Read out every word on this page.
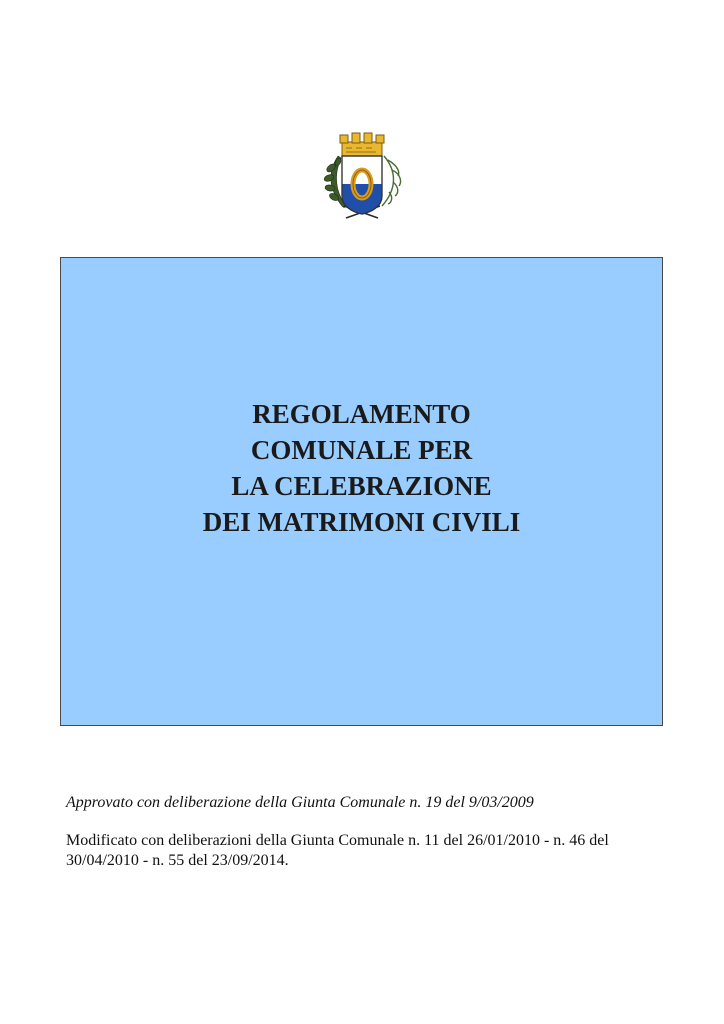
REGOLAMENTO
COMUNALE PER
LA CELEBRAZIONE
DEI MATRIMONI CIVILI

Approvato con deliberazione della Giunta Comunale n. 19 del 9/03/2009

Modificato con deliberazioni della Giunta Comunale n. 11 del 26/01/2010 - n. 46 del 30/04/2010 - n. 55 del 23/09/2014.
